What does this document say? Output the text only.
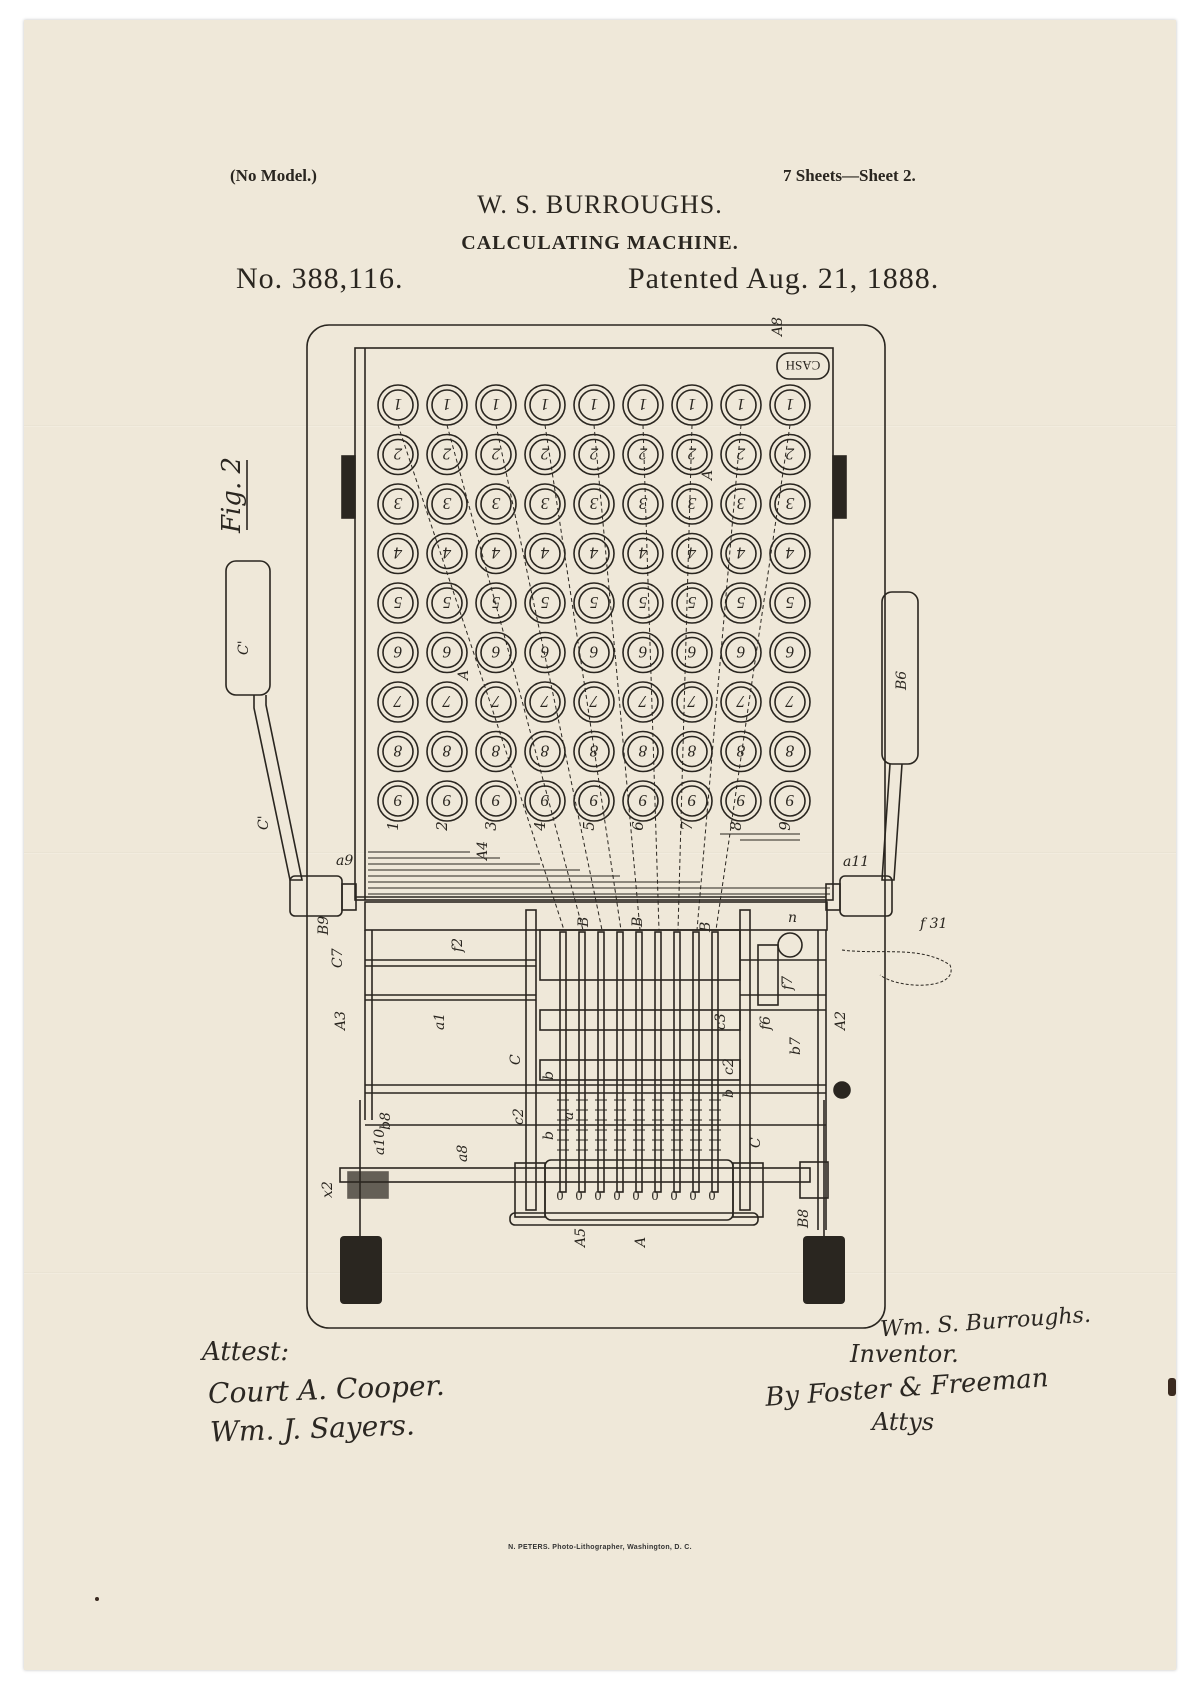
(No Model.)	7 Sheets—Sheet 2.
W. S. BURROUGHS.
CALCULATING MACHINE.
No. 388,116.	Patented Aug. 21, 1888.
CASH
1 1 1 1 1 1 1 1 1
2 2 2 2 2 2 2 2 2
3 3 3 3 3 3 3 3 3
4 4 4 4 4 4 4 4 4
5 5 5 5 5 5 5 5 5
6 6 6 6 6 6 6 6 6
7 7 7 7 7 7 7 7 7
8 8 8 8 8 8 8 8 8
9 9 9 9 9 9 9 9 9
1 2 3 4 5 6 7 8 9
0 0 0 0 0 0 0 0 0
Fig. 2
C'
C'
B6
A
A
A4
a9	a11
B9
C7
f2
f 31
f7
f6
n
B	B	B
A3	a1
C
c3
b7
A2
c2
b
c2 a
b8
a10	a8
b
C
x2
B8
A5	A
A8
b
Attest:
Court A. Cooper.
Wm. J. Sayers.
Wm. S. Burroughs.
Inventor.
By Foster & Freeman
Attys
N. PETERS. Photo-Lithographer, Washington, D. C.
